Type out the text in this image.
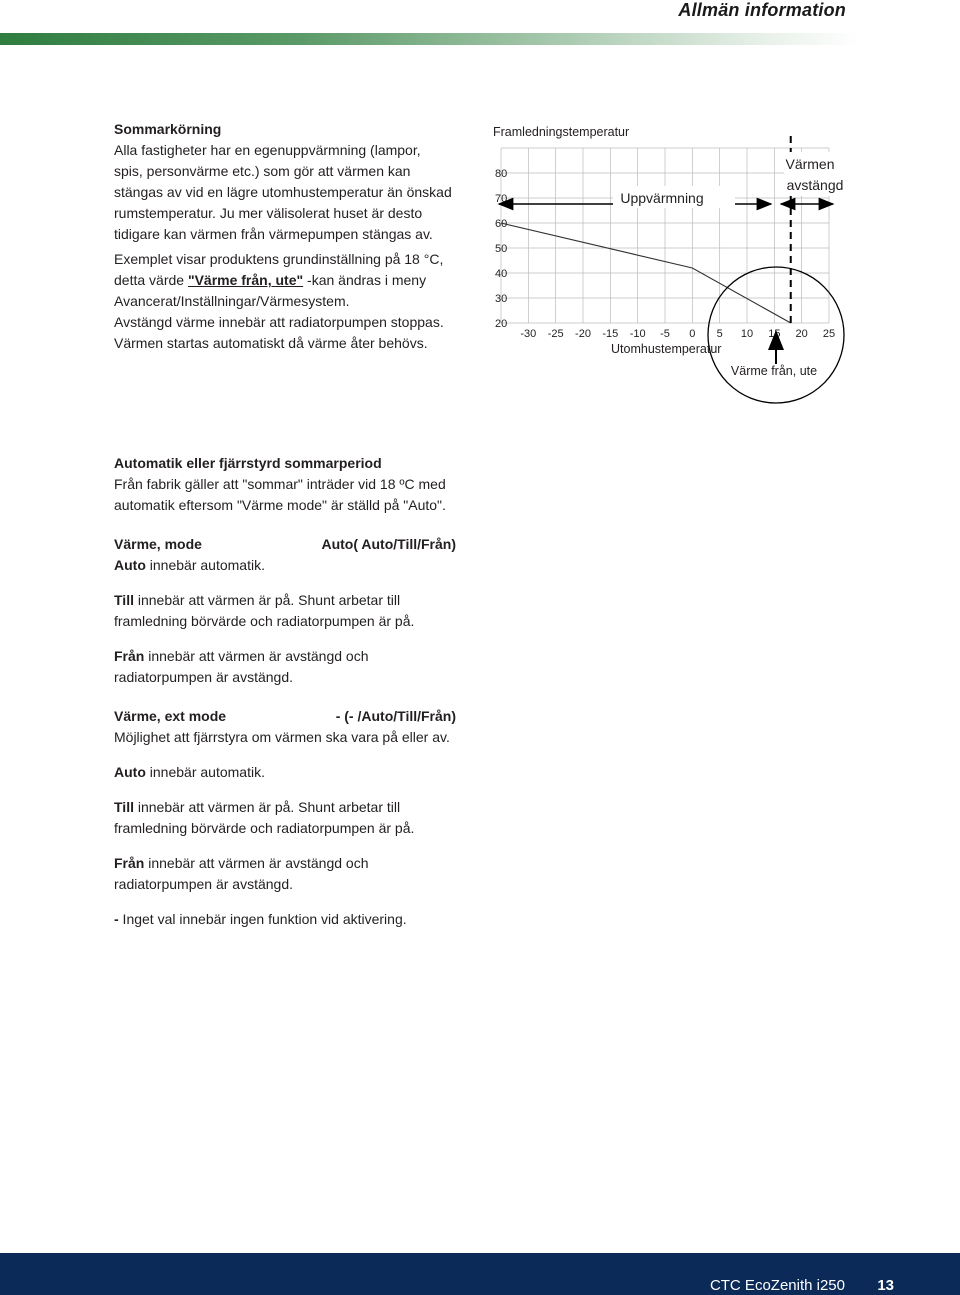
Allmän information

Sommarkörning

Alla fastigheter har en egenuppvärmning (lampor,

spis, personvärme etc.) som gör att värmen kan

stängas av vid en lägre utomhustemperatur än önskad

rumstemperatur. Ju mer välisolerat huset är desto

tidigare kan värmen från värmepumpen stängas av.

Exemplet visar produktens grundinställning på 18 °C,

detta värde "Värme från, ute" -kan ändras i meny

Avancerat/Inställningar/Värmesystem.

Avstängd värme innebär att radiatorpumpen stoppas.

Värmen startas automatiskt då värme åter behövs.

Framledningstemperatur
80
70
60
50
40
30
20
-30 -25 -20 -15 -10 -5 0 5 10 15 20 25
Uppvärmning
Värmen
avstängd
Utomhustemperatur
Värme från, ute

Automatik eller fjärrstyrd sommarperiod

Från fabrik gäller att "sommar" inträder vid 18 ºC med

automatik eftersom "Värme mode" är ställd på "Auto".

Värme, mode	Auto( Auto/Till/Från)

Auto innebär automatik.

Till innebär att värmen är på. Shunt arbetar till

framledning börvärde och radiatorpumpen är på.

Från innebär att värmen är avstängd och

radiatorpumpen är avstängd.

Värme, ext mode	- (- /Auto/Till/Från)

Möjlighet att fjärrstyra om värmen ska vara på eller av.

Auto innebär automatik.

Till innebär att värmen är på. Shunt arbetar till

framledning börvärde och radiatorpumpen är på.

Från innebär att värmen är avstängd och

radiatorpumpen är avstängd.

- Inget val innebär ingen funktion vid aktivering.

CTC EcoZenith i250 13
